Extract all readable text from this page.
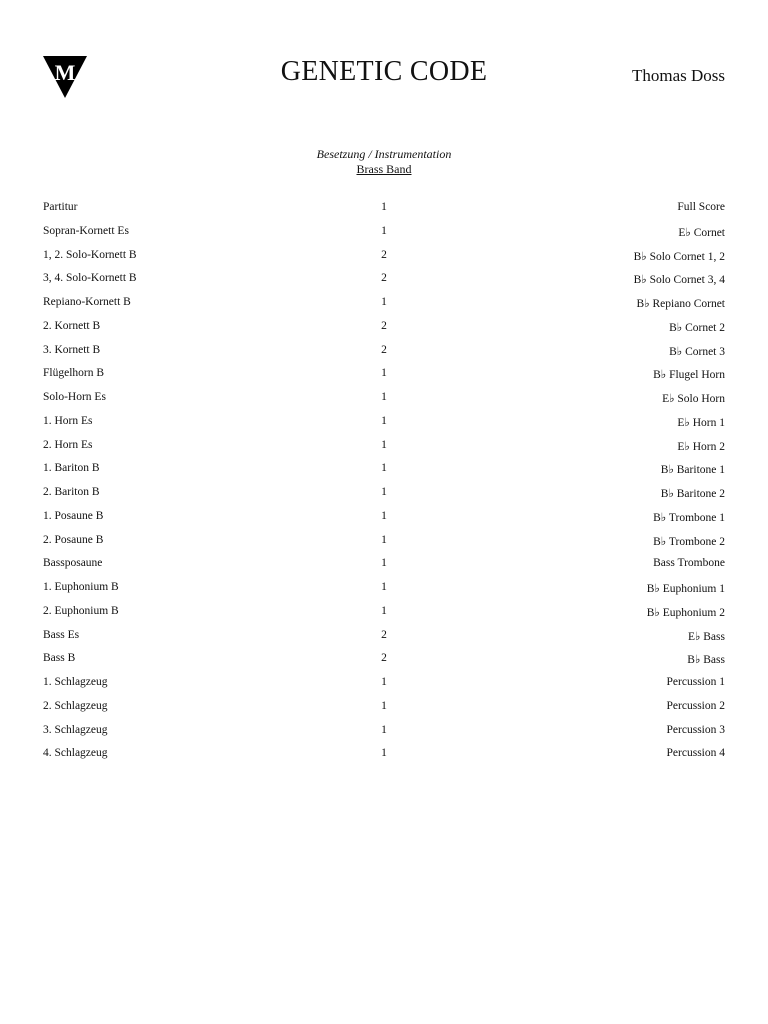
M	GENETIC CODE	Thomas Doss
Besetzung / Instrumentation
Brass Band
Partitur	1	Full Score
Sopran-Kornett Es	1	E♭ Cornet
1, 2. Solo-Kornett B	2	B♭ Solo Cornet 1, 2
3, 4. Solo-Kornett B	2	B♭ Solo Cornet 3, 4
Repiano-Kornett B	1	B♭ Repiano Cornet
2. Kornett B	2	B♭ Cornet 2
3. Kornett B	2	B♭ Cornet 3
Flügelhorn B	1	B♭ Flugel Horn
Solo-Horn Es	1	E♭ Solo Horn
1. Horn Es	1	E♭ Horn 1
2. Horn Es	1	E♭ Horn 2
1. Bariton B	1	B♭ Baritone 1
2. Bariton B	1	B♭ Baritone 2
1. Posaune B	1	B♭ Trombone 1
2. Posaune B	1	B♭ Trombone 2
Bassposaune	1	Bass Trombone
1. Euphonium B	1	B♭ Euphonium 1
2. Euphonium B	1	B♭ Euphonium 2
Bass Es	2	E♭ Bass
Bass B	2	B♭ Bass
1. Schlagzeug	1	Percussion 1
2. Schlagzeug	1	Percussion 2
3. Schlagzeug	1	Percussion 3
4. Schlagzeug	1	Percussion 4
